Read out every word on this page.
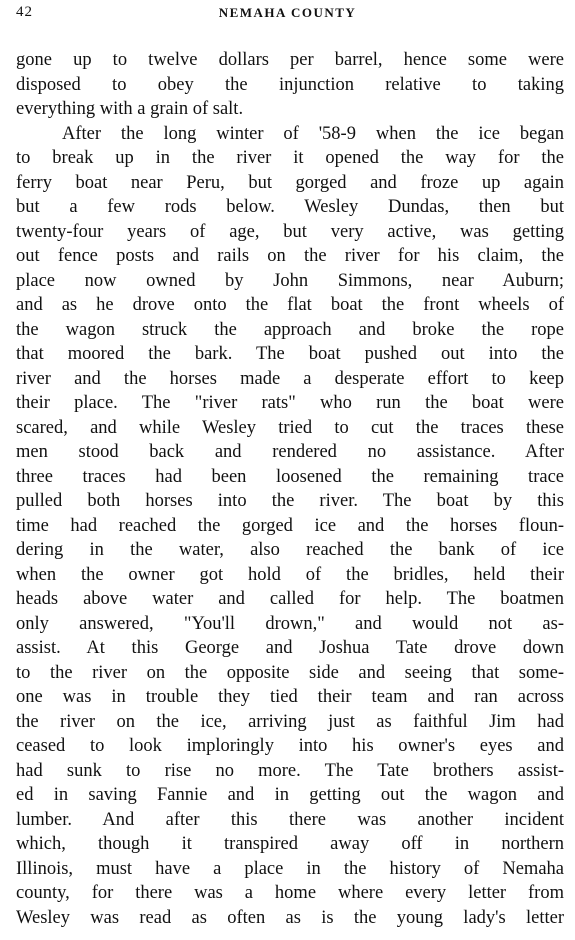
42	NEMAHA COUNTY
gone up to twelve dollars per barrel, hence some were
disposed to obey the injunction relative to taking
everything with a grain of salt.
After the long winter of '58-9 when the ice began
to break up in the river it opened the way for the
ferry boat near Peru, but gorged and froze up again
but a few rods below. Wesley Dundas, then but
twenty-four years of age, but very active, was getting
out fence posts and rails on the river for his claim, the
place now owned by John Simmons, near Auburn;
and as he drove onto the flat boat the front wheels of
the wagon struck the approach and broke the rope
that moored the bark. The boat pushed out into the
river and the horses made a desperate effort to keep
their place. The "river rats" who run the boat were
scared, and while Wesley tried to cut the traces these
men stood back and rendered no assistance. After
three traces had been loosened the remaining trace
pulled both horses into the river. The boat by this
time had reached the gorged ice and the horses floun-
dering in the water, also reached the bank of ice
when the owner got hold of the bridles, held their
heads above water and called for help. The boatmen
only answered, "You'll drown," and would not as-
assist. At this George and Joshua Tate drove down
to the river on the opposite side and seeing that some-
one was in trouble they tied their team and ran across
the river on the ice, arriving just as faithful Jim had
ceased to look imploringly into his owner's eyes and
had sunk to rise no more. The Tate brothers assist-
ed in saving Fannie and in getting out the wagon and
lumber. And after this there was another incident
which, though it transpired away off in northern
Illinois, must have a place in the history of Nemaha
county, for there was a home where every letter from
Wesley was read as often as is the young lady's letter
